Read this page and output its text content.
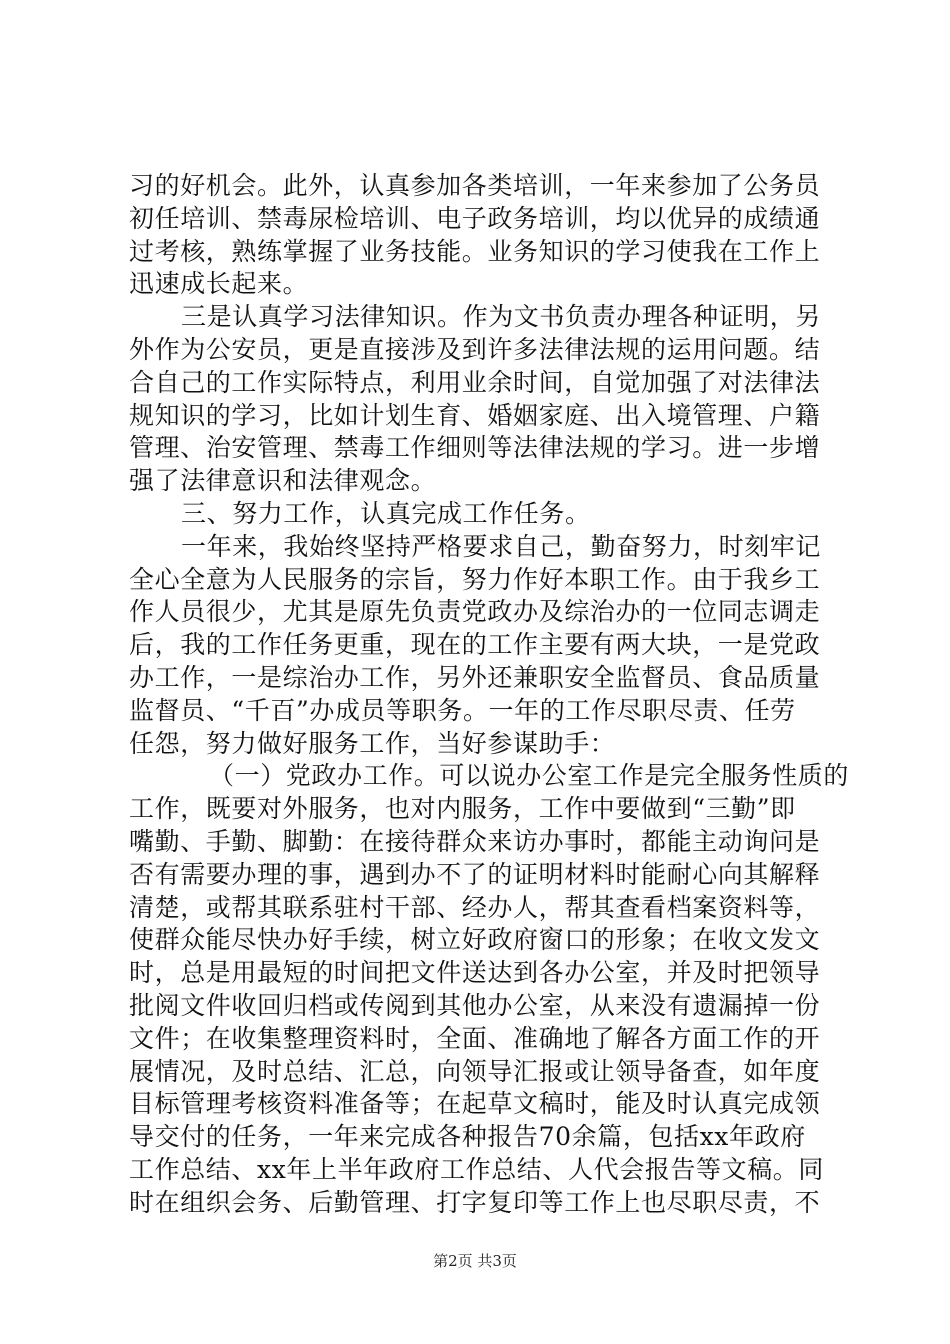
习的好机会。此外，认真参加各类培训，一年来参加了公务员
初任培训、禁毒尿检培训、电子政务培训，均以优异的成绩通
过考核，熟练掌握了业务技能。业务知识的学习使我在工作上
迅速成长起来。
三是认真学习法律知识。作为文书负责办理各种证明，另
外作为公安员，更是直接涉及到许多法律法规的运用问题。结
合自己的工作实际特点，利用业余时间，自觉加强了对法律法
规知识的学习，比如计划生育、婚姻家庭、出入境管理、户籍
管理、治安管理、禁毒工作细则等法律法规的学习。进一步增
强了法律意识和法律观念。
三、努力工作，认真完成工作任务。
一年来，我始终坚持严格要求自己，勤奋努力，时刻牢记
全心全意为人民服务的宗旨，努力作好本职工作。由于我乡工
作人员很少，尤其是原先负责党政办及综治办的一位同志调走
后，我的工作任务更重，现在的工作主要有两大块，一是党政
办工作，一是综治办工作，另外还兼职安全监督员、食品质量
监督员、“千百”办成员等职务。一年的工作尽职尽责、任劳
任怨，努力做好服务工作，当好参谋助手：
（一）党政办工作。可以说办公室工作是完全服务性质的
工作，既要对外服务，也对内服务，工作中要做到“三勤”即
嘴勤、手勤、脚勤：在接待群众来访办事时，都能主动询问是
否有需要办理的事，遇到办不了的证明材料时能耐心向其解释
清楚，或帮其联系驻村干部、经办人，帮其查看档案资料等，
使群众能尽快办好手续，树立好政府窗口的形象；在收文发文
时，总是用最短的时间把文件送达到各办公室，并及时把领导
批阅文件收回归档或传阅到其他办公室，从来没有遗漏掉一份
文件；在收集整理资料时，全面、准确地了解各方面工作的开
展情况，及时总结、汇总，向领导汇报或让领导备查，如年度
目标管理考核资料准备等；在起草文稿时，能及时认真完成领
导交付的任务，一年来完成各种报告70余篇，包括xx年政府
工作总结、xx年上半年政府工作总结、人代会报告等文稿。同
时在组织会务、后勤管理、打字复印等工作上也尽职尽责，不
第2页 共3页
